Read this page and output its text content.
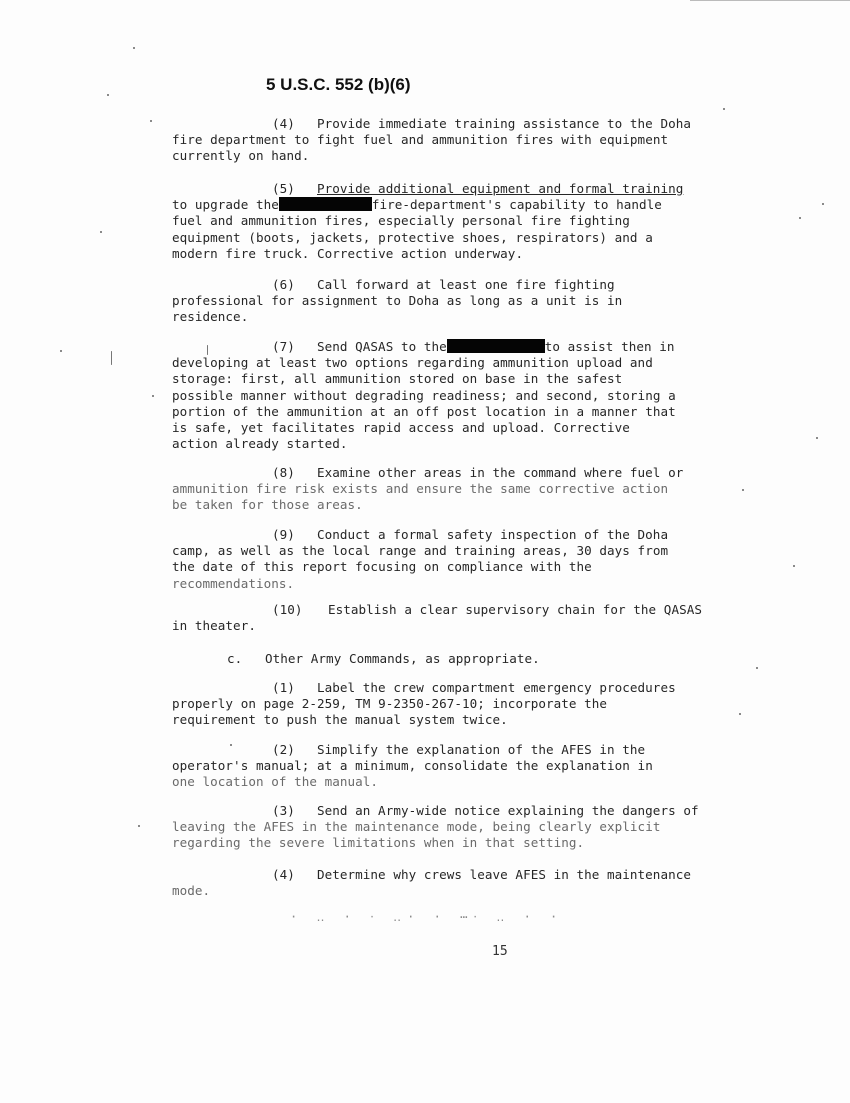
5 U.S.C. 552 (b)(6)
(4) Provide immediate training assistance to the Doha
fire department to fight fuel and ammunition fires with equipment
currently on hand.
(5) Provide additional equipment and formal training
to upgrade the	fire-department's capability to handle
fuel and ammunition fires, especially personal fire fighting
equipment (boots, jackets, protective shoes, respirators) and a
modern fire truck. Corrective action underway.
(6) Call forward at least one fire fighting
professional for assignment to Doha as long as a unit is in
residence.
(7) Send QASAS to the	to assist then in
developing at least two options regarding ammunition upload and
storage: first, all ammunition stored on base in the safest
possible manner without degrading readiness; and second, storing a
portion of the ammunition at an off post location in a manner that
is safe, yet facilitates rapid access and upload. Corrective
action already started.
(8) Examine other areas in the command where fuel or
ammunition fire risk exists and ensure the same corrective action
be taken for those areas.
(9) Conduct a formal safety inspection of the Doha
camp, as well as the local range and training areas, 30 days from
the date of this report focusing on compliance with the
recommendations.
(10) Establish a clear supervisory chain for the QASAS
in theater.
c. Other Army Commands, as appropriate.
(1) Label the crew compartment emergency procedures
properly on page 2-259, TM 9-2350-267-10; incorporate the
requirement to push the manual system twice.
(2) Simplify the explanation of the AFES in the
operator's manual; at a minimum, consolidate the explanation in
one location of the manual.
(3) Send an Army-wide notice explaining the dangers of
leaving the AFES in the maintenance mode, being clearly explicit
regarding the severe limitations when in that setting.
(4) Determine why crews leave AFES in the maintenance
mode.
· ‥ · ‧ ‥· · ⋯‧ ‥ · ·
15
